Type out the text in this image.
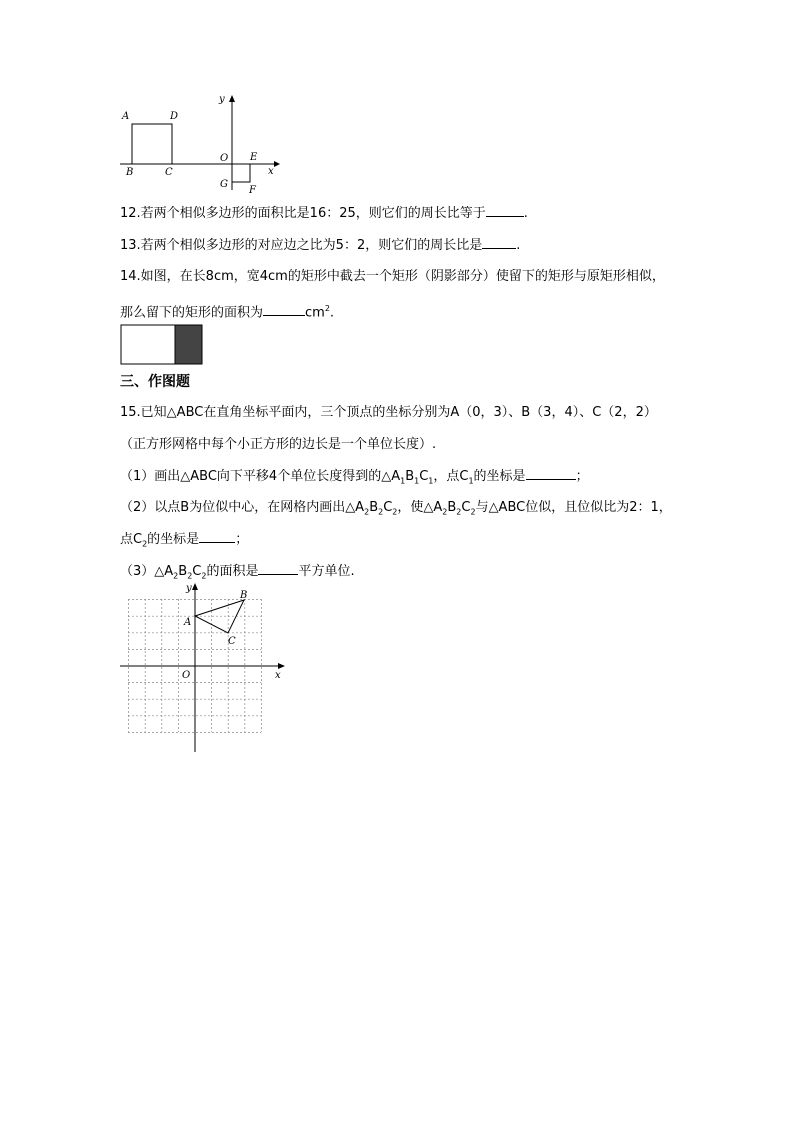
A	D
B	C
O E
F
G
x
y
12.若两个相似多边形的面积比是16：25，则它们的周长比等于	.
13.若两个相似多边形的对应边之比为5：2，则它们的周长比是	.
14.如图，在长8cm，宽4cm的矩形中截去一个矩形（阴影部分）使留下的矩形与原矩形相似，
那么留下的矩形的面积为	$cm^2$.
三、作图题
15.已知△ABC在直角坐标平面内，三个顶点的坐标分别为A（0，3）、B（3，4）、C（2，2）
（正方形网格中每个小正方形的边长是一个单位长度）.
（1）画出△ABC向下平移4个单位长度得到的$\triangle A_1B_1C_1$，点$C_1$的坐标是	；
（2）以点B为位似中心，在网格内画出$\triangle A_2B_2C_2$，使$\triangle A_2B_2C_2$与△ABC位似，且位似比为2：1，
点$C_2$的坐标是	；
$(3)\triangle A_2B_2C_2$的面积是	平方单位.
A
B
C
O	x
y
